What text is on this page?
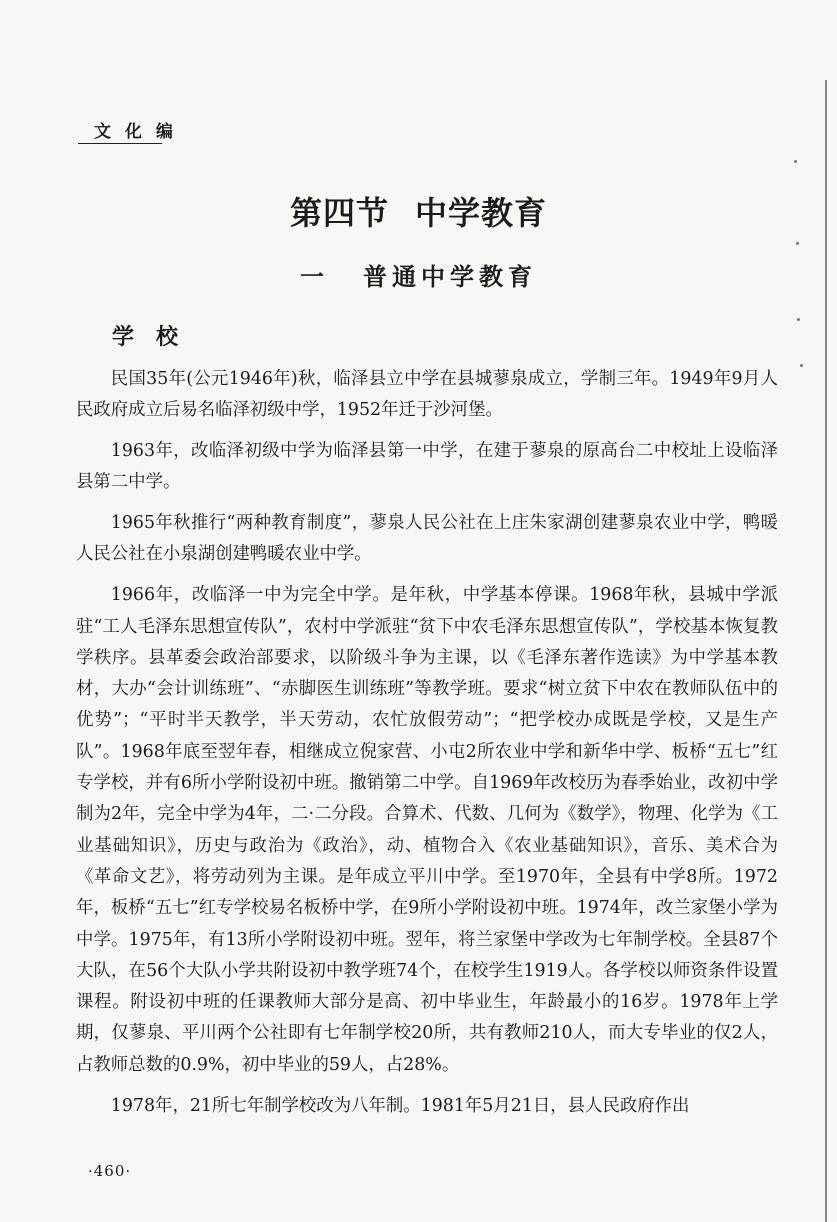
文 化 编
第四节 中学教育
一 普通中学教育
学校

民国35年(公元1946年)秋，临泽县立中学在县城蓼泉成立，学制三年。1949年9月人民政府成立后易名临泽初级中学，1952年迁于沙河堡。

1963年，改临泽初级中学为临泽县第一中学，在建于蓼泉的原高台二中校址上设临泽县第二中学。

1965年秋推行“两种教育制度”，蓼泉人民公社在上庄朱家湖创建蓼泉农业中学，鸭暖人民公社在小泉湖创建鸭暖农业中学。

1966年，改临泽一中为完全中学。是年秋，中学基本停课。1968年秋，县城中学派驻“工人毛泽东思想宣传队”，农村中学派驻“贫下中农毛泽东思想宣传队”，学校基本恢复教学秩序。县革委会政治部要求，以阶级斗争为主课，以《毛泽东著作选读》为中学基本教材，大办“会计训练班”、“赤脚医生训练班”等教学班。要求“树立贫下中农在教师队伍中的优势”；“平时半天教学，半天劳动，农忙放假劳动”；“把学校办成既是学校，又是生产队”。1968年底至翌年春，相继成立倪家营、小屯2所农业中学和新华中学、板桥“五七”红专学校，并有6所小学附设初中班。撤销第二中学。自1969年改校历为春季始业，改初中学制为2年，完全中学为4年，二·二分段。合算术、代数、几何为《数学》，物理、化学为《工业基础知识》，历史与政治为《政治》，动、植物合入《农业基础知识》，音乐、美术合为《革命文艺》，将劳动列为主课。是年成立平川中学。至1970年，全县有中学8所。1972年，板桥“五七”红专学校易名板桥中学，在9所小学附设初中班。1974年，改兰家堡小学为中学。1975年，有13所小学附设初中班。翌年，将兰家堡中学改为七年制学校。全县87个大队，在56个大队小学共附设初中教学班74个，在校学生1919人。各学校以师资条件设置课程。附设初中班的任课教师大部分是高、初中毕业生，年龄最小的16岁。1978年上学期，仅蓼泉、平川两个公社即有七年制学校20所，共有教师210人，而大专毕业的仅2人，占教师总数的0.9%，初中毕业的59人，占28%。

1978年，21所七年制学校改为八年制。1981年5月21日，县人民政府作出

·460·
